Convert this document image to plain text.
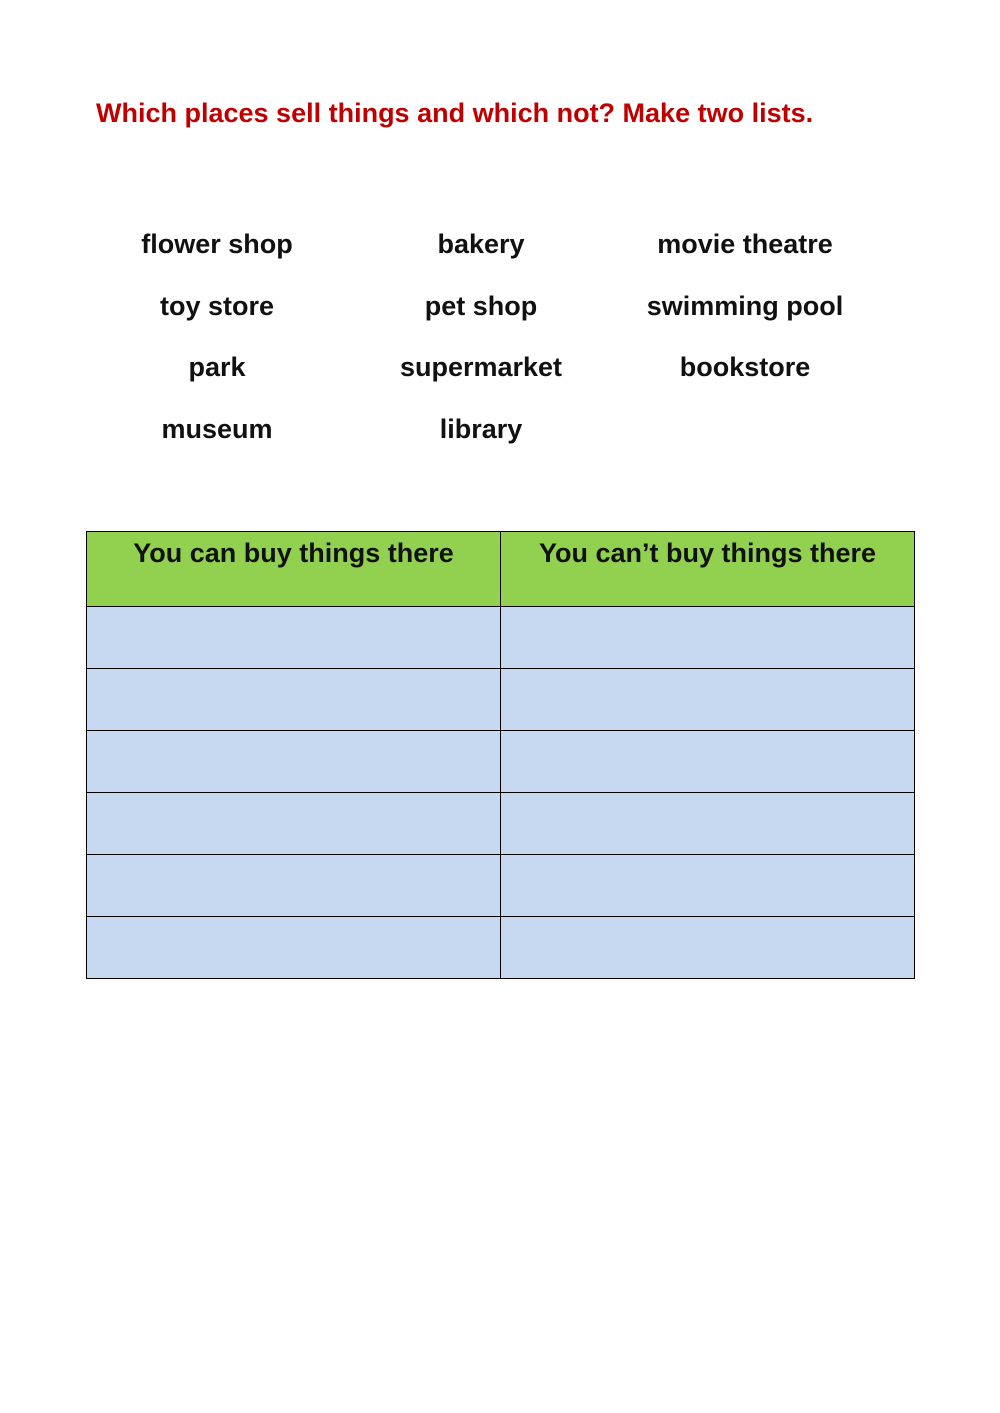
Which places sell things and which not? Make two lists.
flower shop	bakery	movie theatre
toy store	pet shop	swimming pool
park	supermarket	bookstore
museum	library
You can buy things there	You can’t buy things there
